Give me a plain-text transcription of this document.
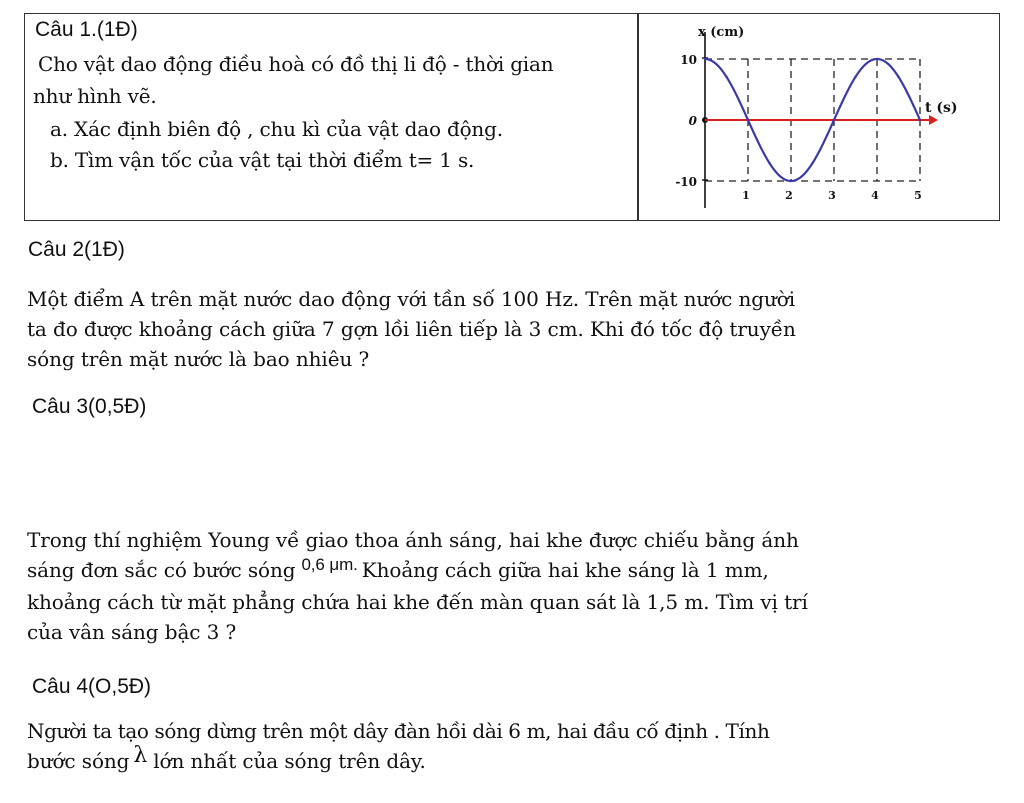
Câu 1.(1Đ)
Cho vật dao động điều hoà có đồ thị li độ - thời gian
như hình vẽ.
a. Xác định biên độ , chu kì của vật dao động.
b. Tìm vận tốc của vật tại thời điểm t= 1 s.
10
0
-10
1	2	3	4	5
x (cm)
t (s)
Câu 2(1Đ)
Một điểm A trên mặt nước dao động với tần số 100 Hz. Trên mặt nước người
ta đo được khoảng cách giữa 7 gợn lồi liên tiếp là 3 cm. Khi đó tốc độ truyền
sóng trên mặt nước là bao nhiêu ?
Câu 3(0,5Đ)
Trong thí nghiệm Young về giao thoa ánh sáng, hai khe được chiếu bằng ánh
sáng đơn sắc có bước sóng 0,6 μm. Khoảng cách giữa hai khe sáng là 1 mm,
khoảng cách từ mặt phẳng chứa hai khe đến màn quan sát là 1,5 m. Tìm vị trí
của vân sáng bậc 3 ?
Câu 4(O,5Đ)
Người ta tạo sóng dừng trên một dây đàn hồi dài 6 m, hai đầu cố định . Tính
bước sóng λ lớn nhất của sóng trên dây.
